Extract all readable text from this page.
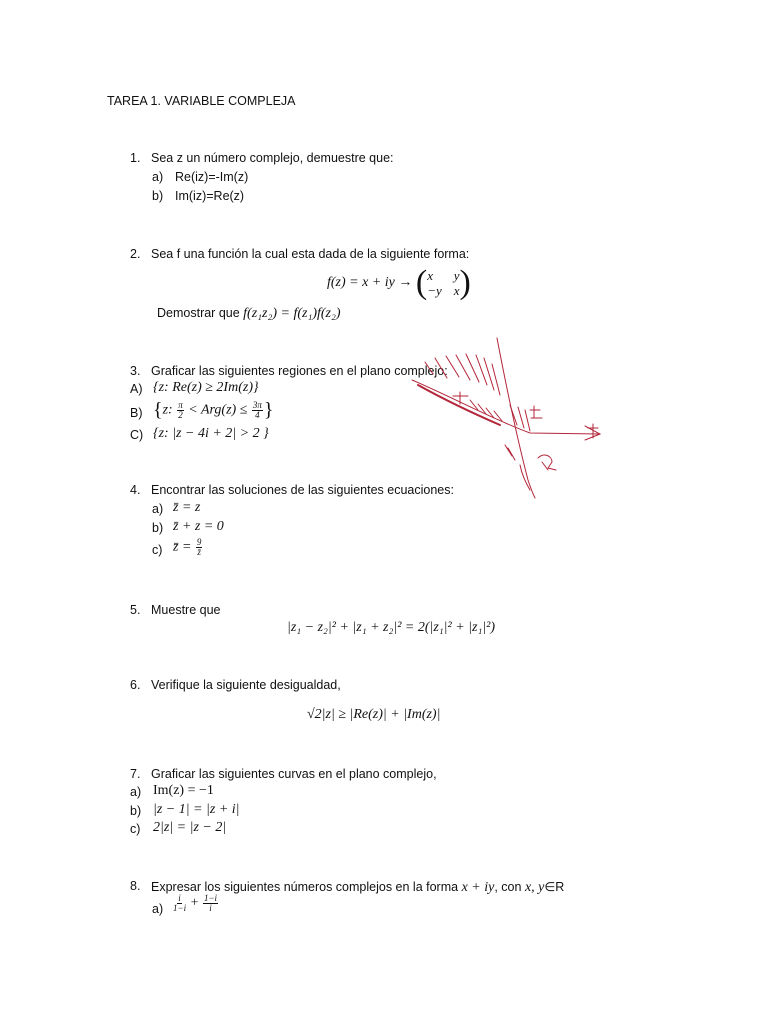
TAREA 1. VARIABLE COMPLEJA
1. Sea z un número complejo, demuestre que:
a) Re(iz)=-Im(z)
b) Im(iz)=Re(z)
2. Sea f una función la cual esta dada de la siguiente forma:
f(z) = x + iy → ( x	y
−y x )
Demostrar que f(z₁z₂) = f(z₁)f(z₂)
3. Graficar las siguientes regiones en el plano complejo:
A) {z: Re(z) ≥ 2Im(z)}
B) {z: $\frac{\pi}{2} < Arg(z) \le \frac{3\pi}{4}$ }
C) {z: |z − 4i + 2| > 2 }
4. Encontrar las soluciones de las siguientes ecuaciones:
a) z̄ = z
b) z̄ + z = 0
c) z̄ = $\frac{9}{z̄}$
5. Muestre que
|z₁ − z₂|² + |z₁ + z₂|² = 2(|z₁|² + |z₁|²)
6. Verifique la siguiente desigualdad,
√2|z| ≥ |Re(z)| + |Im(z)|
7. Graficar las siguientes curvas en el plano complejo,
a) Im(z) = −1
b) |z − 1| = |z + i|
c) 2|z| = |z − 2|
8. Expresar los siguientes números complejos en la forma x + iy, con x, y∈R
$a) \frac{i}{1-i} + \frac{1-i}{i}$
